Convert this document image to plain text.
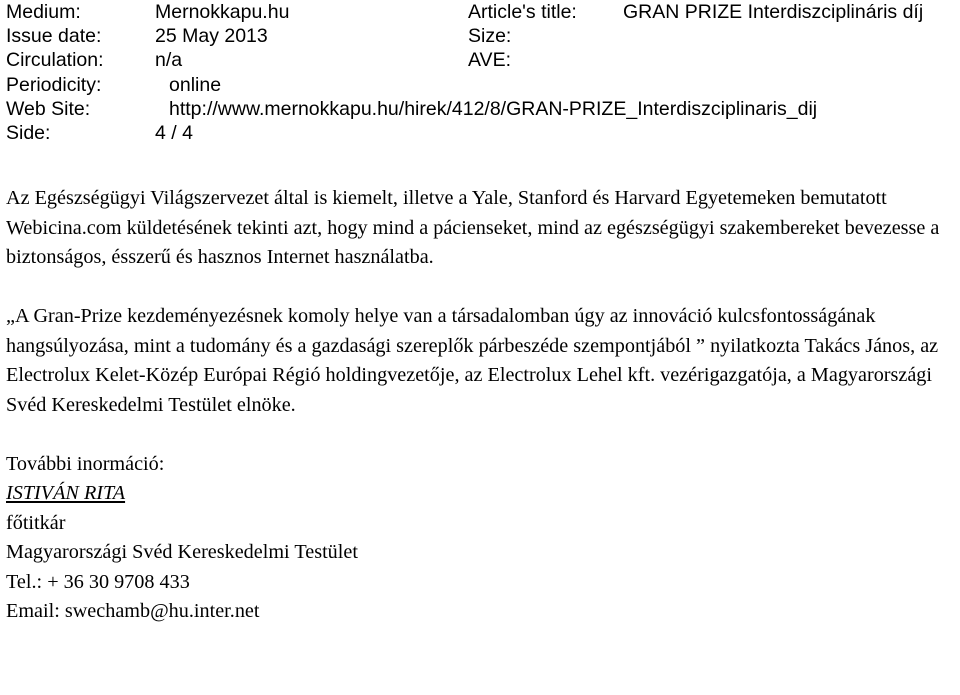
Medium:	Mernokkapu.hu	Article's title: GRAN PRIZE Interdiszciplináris díj
Issue date:	25 May 2013	Size:
Circulation:	n/a	AVE:
Periodicity:	online
Web Site:	http://www.mernokkapu.hu/hirek/412/8/GRAN-PRIZE_Interdiszciplinaris_dij
Side:	4 / 4

Az Egészségügyi Világszervezet által is kiemelt, illetve a Yale, Stanford és Harvard Egyetemeken bemutatott Webicina.com küldetésének tekinti azt, hogy mind a pácienseket, mind az egészségügyi szakembereket bevezesse a biztonságos, ésszerű és hasznos Internet használatba.

„A Gran-Prize kezdeményezésnek komoly helye van a társadalomban úgy az innováció kulcsfontosságának hangsúlyozása, mint a tudomány és a gazdasági szereplők párbeszéde szempontjából ” nyilatkozta Takács János, az Electrolux Kelet-Közép Európai Régió holdingvezetője, az Electrolux Lehel kft. vezérigazgatója, a Magyarországi Svéd Kereskedelmi Testület elnöke.

További inormáció:
ISTIVÁN RITA
főtitkár
Magyarországi Svéd Kereskedelmi Testület
Tel.: + 36 30 9708 433
Email: swechamb@hu.inter.net
